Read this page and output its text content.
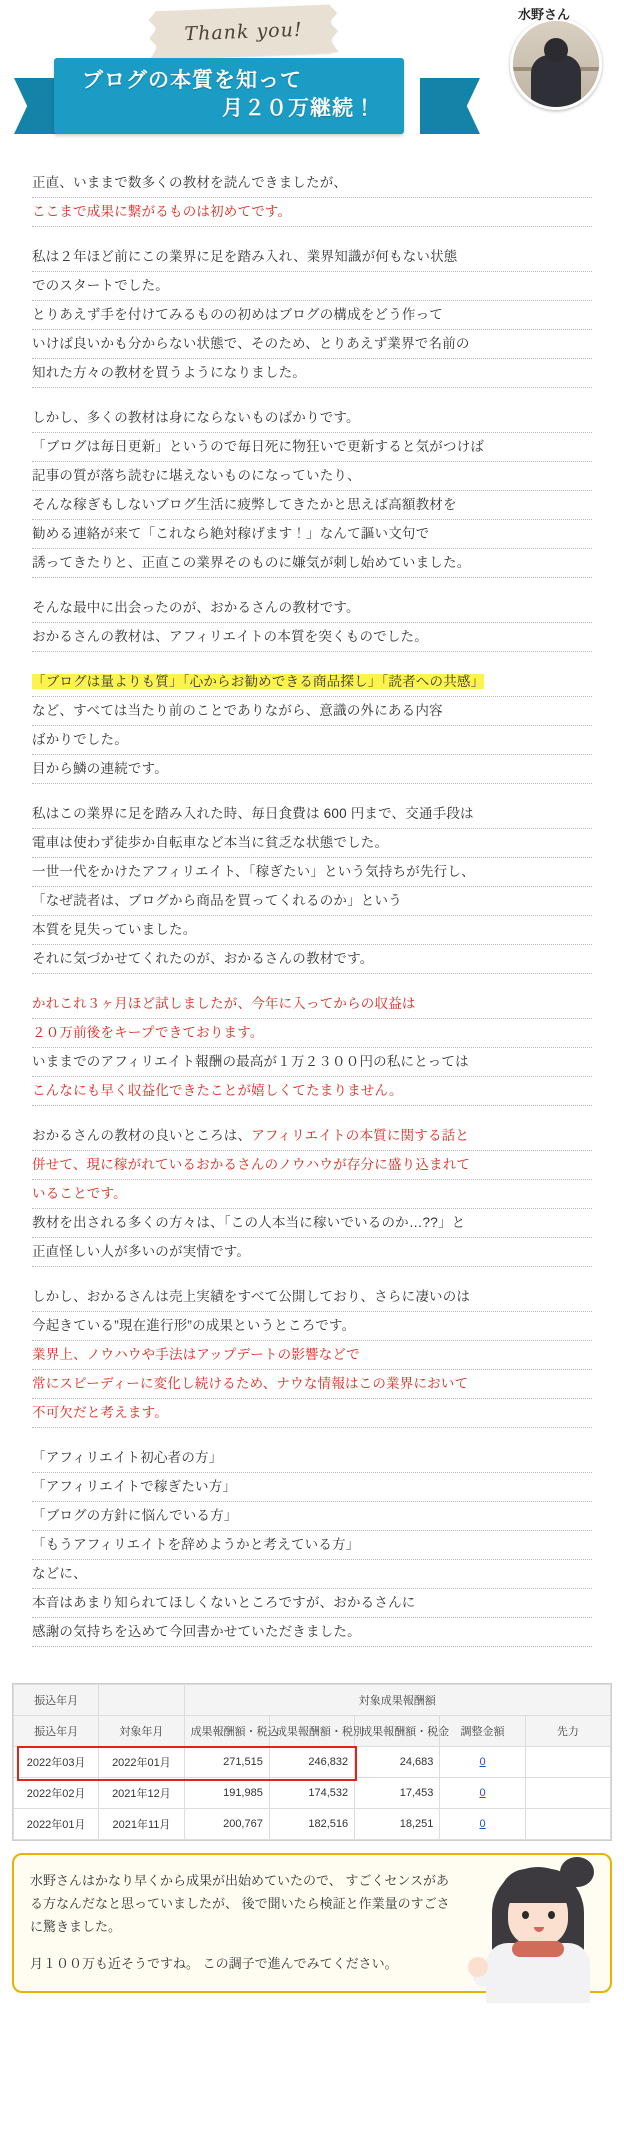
Thank you!
ブログの本質を知って
月２０万継続！
水野さん
正直、いままで数多くの教材を読んできましたが、
ここまで成果に繋がるものは初めてです。
私は２年ほど前にこの業界に足を踏み入れ、業界知識が何もない状態
でのスタートでした。
とりあえず手を付けてみるものの初めはブログの構成をどう作って
いけば良いかも分からない状態で、そのため、とりあえず業界で名前の
知れた方々の教材を買うようになりました。
しかし、多くの教材は身にならないものばかりです。
「ブログは毎日更新」というので毎日死に物狂いで更新すると気がつけば
記事の質が落ち読むに堪えないものになっていたり、
そんな稼ぎもしないブログ生活に疲弊してきたかと思えば高額教材を
勧める連絡が来て「これなら絶対稼げます！」なんて謳い文句で
誘ってきたりと、正直この業界そのものに嫌気が刺し始めていました。
そんな最中に出会ったのが、おかるさんの教材です。
おかるさんの教材は、アフィリエイトの本質を突くものでした。
「ブログは量よりも質」「心からお勧めできる商品探し」「読者への共感」
など、すべては当たり前のことでありながら、意識の外にある内容
ばかりでした。
目から鱗の連続です。
私はこの業界に足を踏み入れた時、毎日食費は 600 円まで、交通手段は
電車は使わず徒歩か自転車など本当に貧乏な状態でした。
一世一代をかけたアフィリエイト、「稼ぎたい」という気持ちが先行し、
「なぜ読者は、ブログから商品を買ってくれるのか」という
本質を見失っていました。
それに気づかせてくれたのが、おかるさんの教材です。
かれこれ３ヶ月ほど試しましたが、今年に入ってからの収益は
２０万前後をキープできております。
いままでのアフィリエイト報酬の最高が１万２３００円の私にとっては
こんなにも早く収益化できたことが嬉しくてたまりません。
おかるさんの教材の良いところは、アフィリエイトの本質に関する話と
併せて、現に稼がれているおかるさんのノウハウが存分に盛り込まれて
いることです。
教材を出される多くの方々は、「この人本当に稼いでいるのか…??」と
正直怪しい人が多いのが実情です。
しかし、おかるさんは売上実績をすべて公開しており、さらに凄いのは
今起きている”現在進行形”の成果というところです。
業界上、ノウハウや手法はアップデートの影響などで
常にスピーディーに変化し続けるため、ナウな情報はこの業界において
不可欠だと考えます。
「アフィリエイト初心者の方」
「アフィリエイトで稼ぎたい方」
「ブログの方針に悩んでいる方」
「もうアフィリエイトを辞めようかと考えている方」
などに、
本音はあまり知られてほしくないところですが、おかるさんに
感謝の気持ちを込めて今回書かせていただきました。
振込年月		対象成果報酬額				
振込年月	対象年月	成果報酬額・税込	成果報酬額・税別	成果報酬額・税金	調整金額	先力
2022年03月	2022年01月	271,515	246,832	24,683	0	
2022年02月	2021年12月	191,985	174,532	17,453	0	
2022年01月	2021年11月	200,767	182,516	18,251	0	

水野さんはかなり早くから成果が出始めていたので、 すごくセンスがある方なんだなと思っていましたが、 後で聞いたら検証と作業量のすごさに驚きました。

月１００万も近そうですね。 この調子で進んでみてください。
